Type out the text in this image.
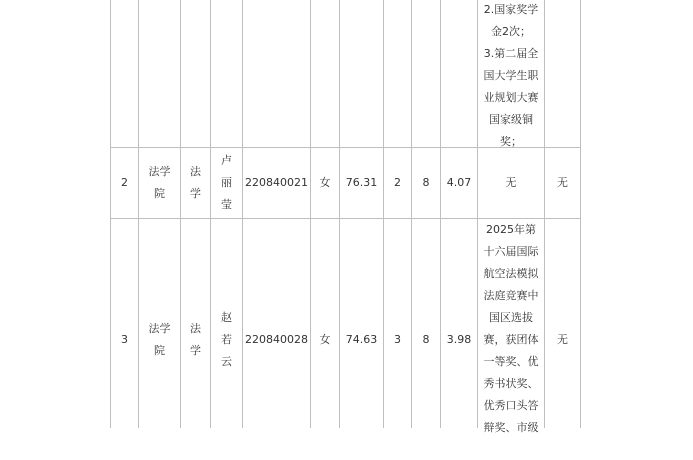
2.国家奖学
金2次；
3.第二届全
国大学生职
业规划大赛
国家级铜
奖；
2
法学院
法学
卢丽莹
220840021 女 76.31 2 8 4.07	无	无
3
法学院
法学
赵若云
220840028 女 74.63 3 8 3.98
2025年第
十六届国际
航空法模拟
法庭竞赛中
国区选拔
赛，获团体
一等奖、优
秀书状奖、
优秀口头答
辩奖、市级
无
